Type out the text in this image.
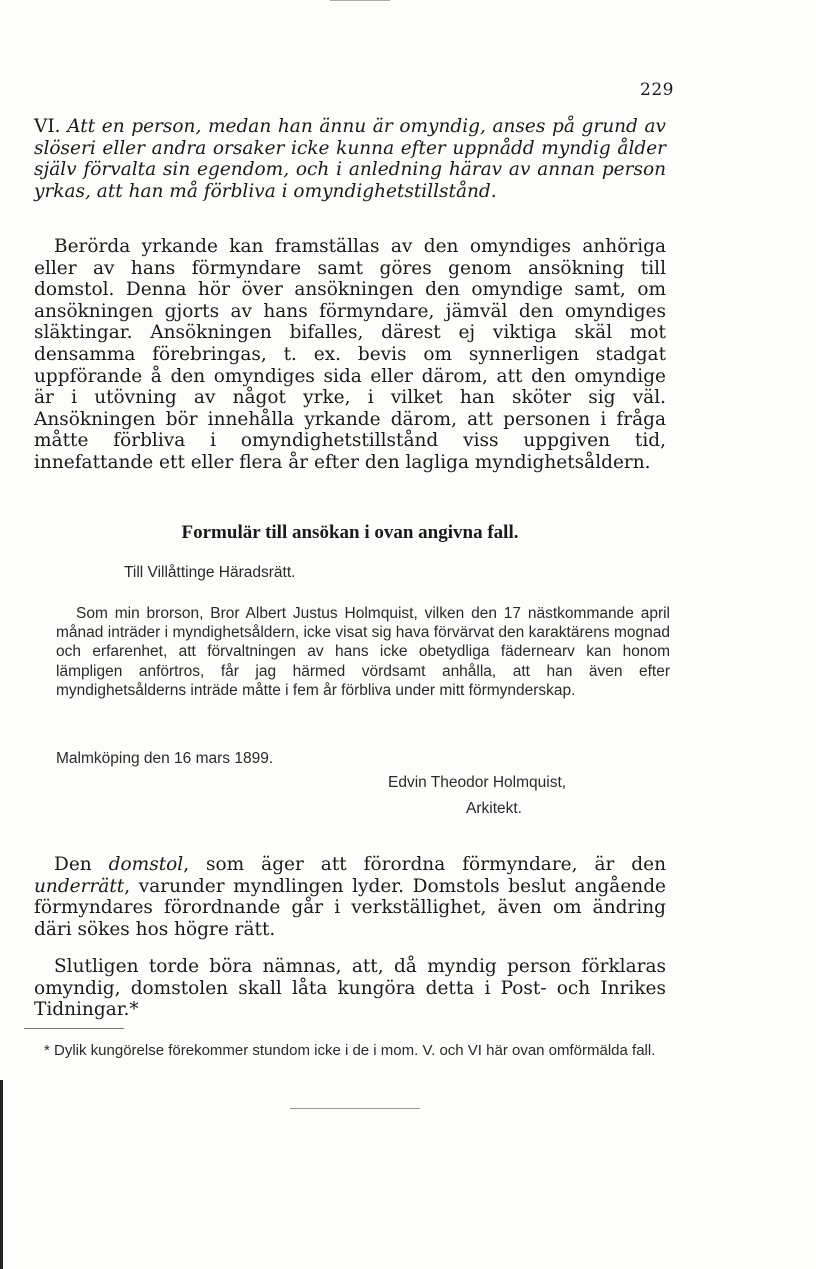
229
VI. Att en person, medan han ännu är omyndig, anses på grund av slöseri eller andra orsaker icke kunna efter uppnådd myndig ålder själv förvalta sin egendom, och i anledning härav av annan person yrkas, att han må förbliva i omyndighetstillstånd.
Berörda yrkande kan framställas av den omyndiges anhöriga eller av hans förmyndare samt göres genom ansökning till domstol. Denna hör över ansökningen den omyndige samt, om ansökningen gjorts av hans förmyndare, jämväl den omyndiges släktingar. Ansökningen bifalles, därest ej viktiga skäl mot densamma förebringas, t. ex. bevis om synnerligen stadgat uppförande å den omyndiges sida eller därom, att den omyndige är i utövning av något yrke, i vilket han sköter sig väl. Ansökningen bör innehålla yrkande därom, att personen i fråga måtte förbliva i omyndighetstillstånd viss uppgiven tid, innefattande ett eller flera år efter den lagliga myndighetsåldern.
Formulär till ansökan i ovan angivna fall.
Till Villåttinge Häradsrätt.
Som min brorson, Bror Albert Justus Holmquist, vilken den 17 nästkommande april månad inträder i myndighetsåldern, icke visat sig hava förvärvat den karaktärens mognad och erfarenhet, att förvaltningen av hans icke obetydliga fädernearv kan honom lämpligen anförtros, får jag härmed vördsamt anhålla, att han även efter myndighetsålderns inträde måtte i fem år förbliva under mitt förmynderskap.
Malmköping den 16 mars 1899.
Edvin Theodor Holmquist,
Arkitekt.
Den domstol, som äger att förordna förmyndare, är den underrätt, varunder myndlingen lyder. Domstols beslut angående förmyndares förordnande går i verkställighet, även om ändring däri sökes hos högre rätt.
Slutligen torde böra nämnas, att, då myndig person förklaras omyndig, domstolen skall låta kungöra detta i Post- och Inrikes Tidningar.*
* Dylik kungörelse förekommer stundom icke i de i mom. V. och VI här ovan omförmälda fall.
